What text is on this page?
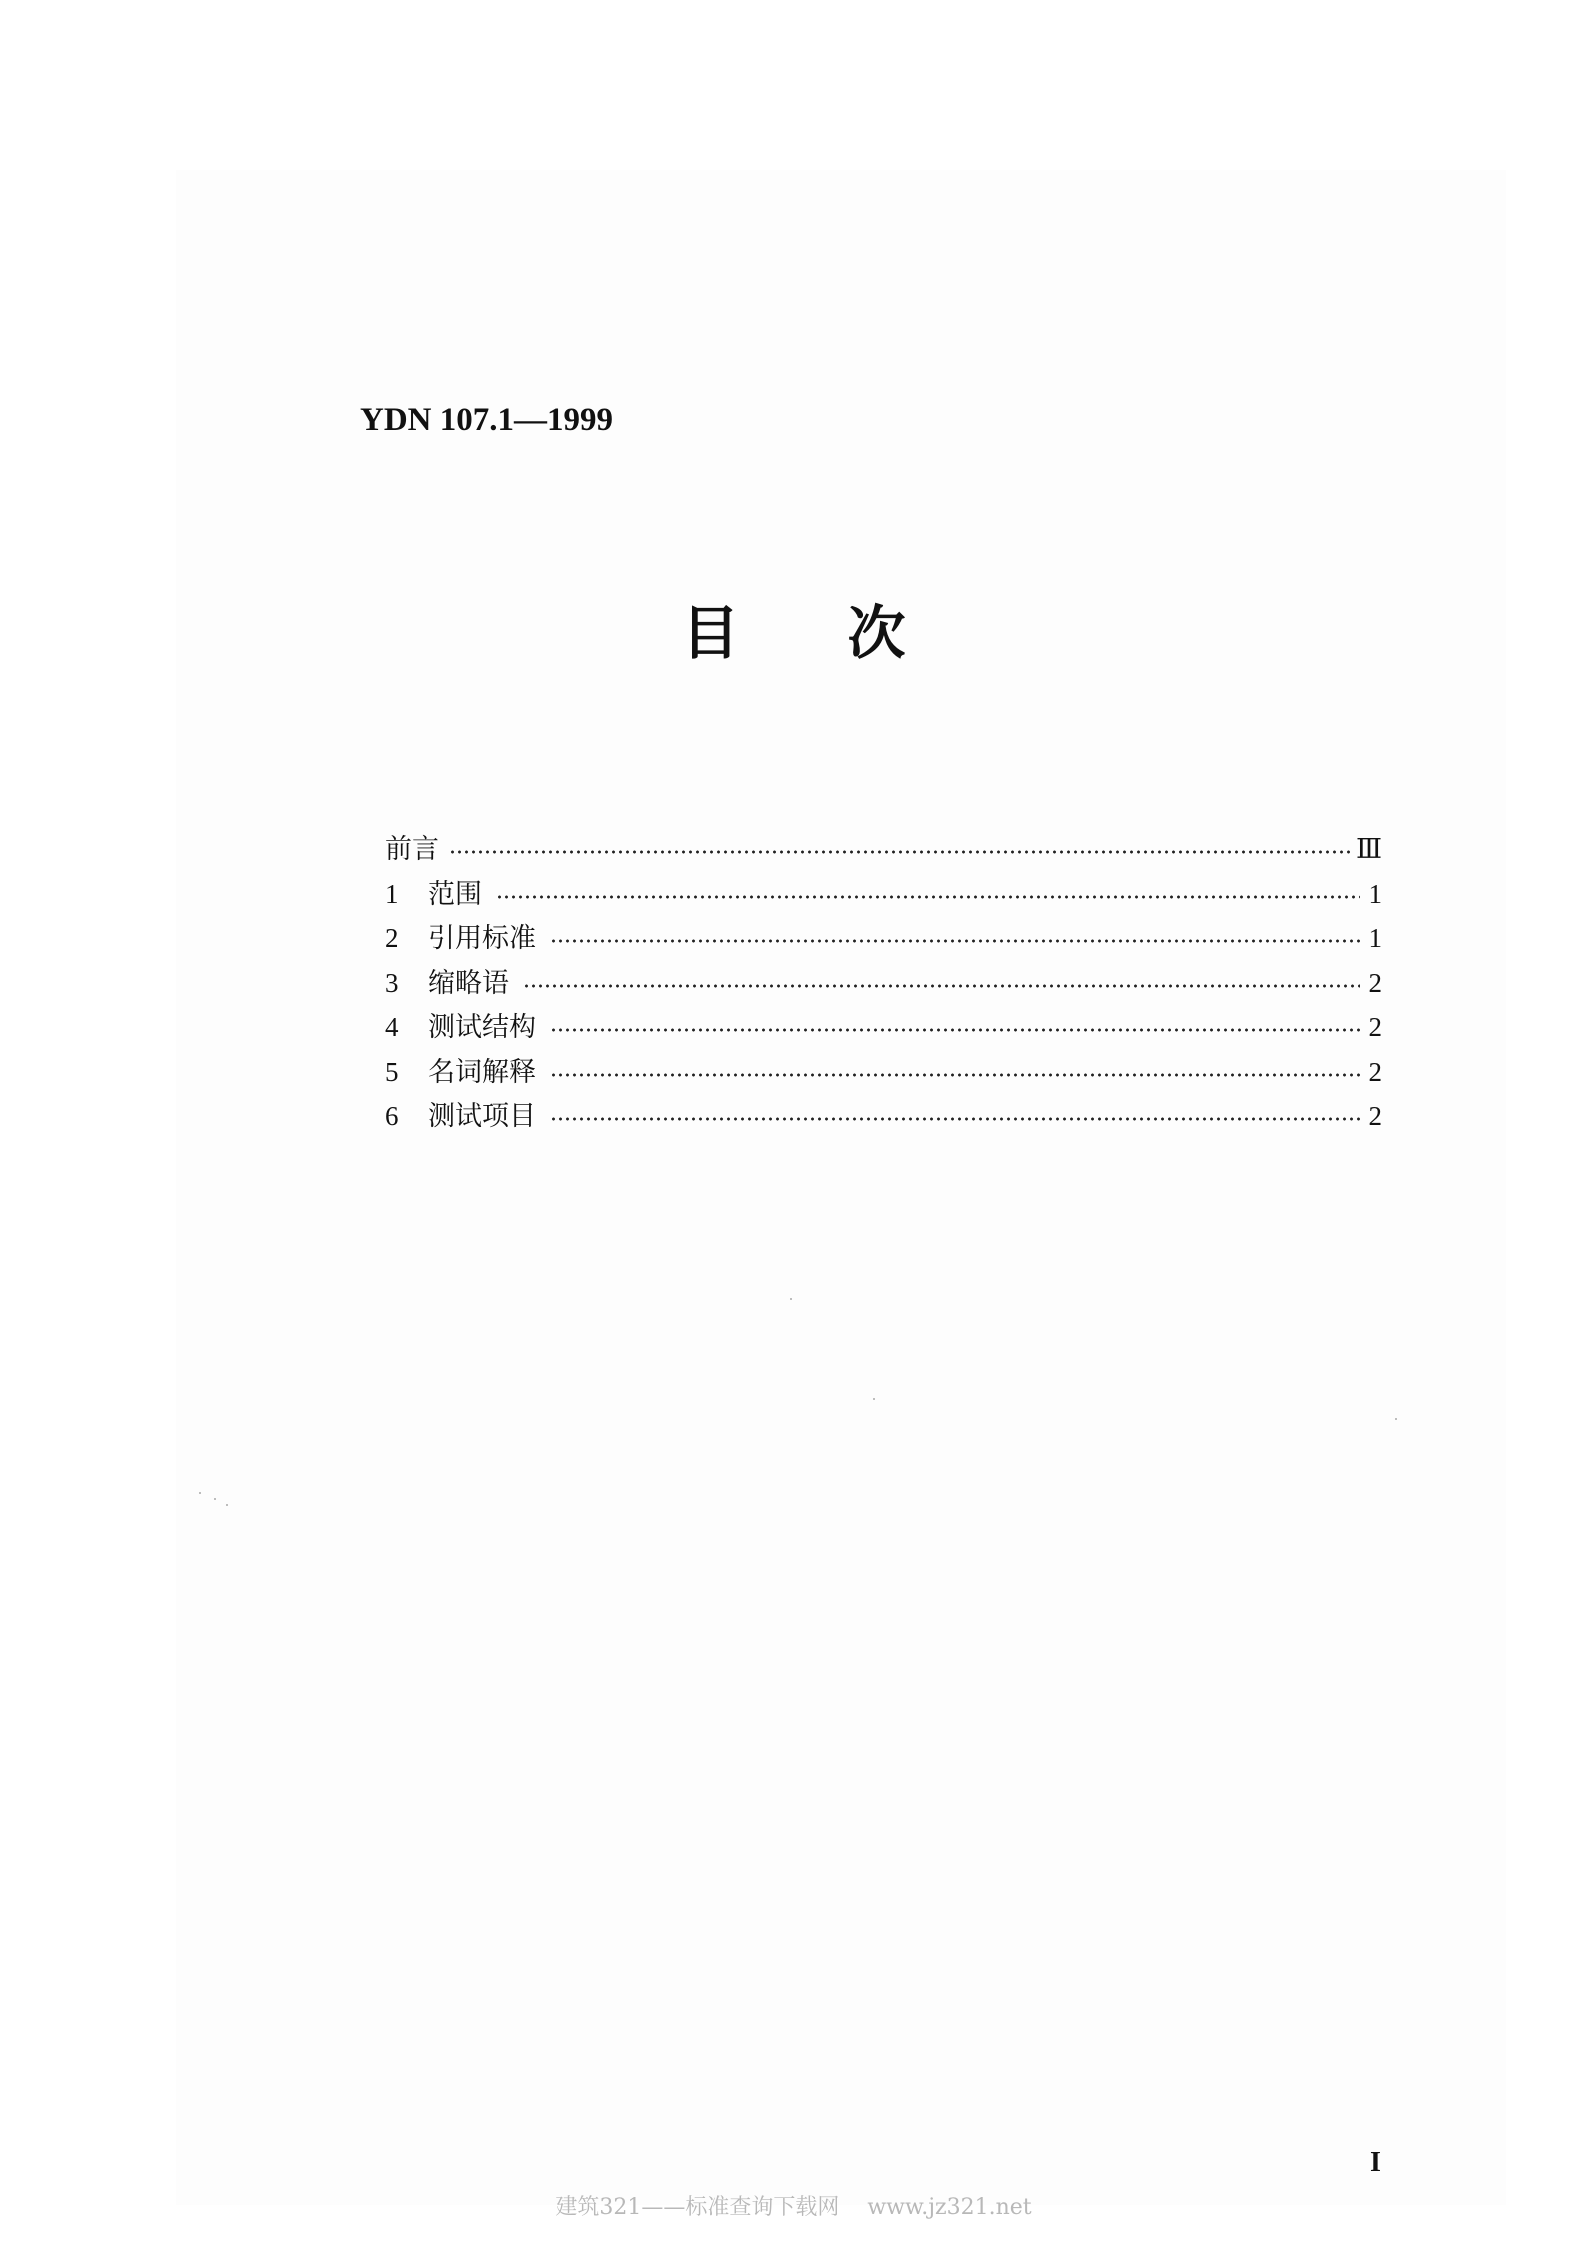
YDN 107.1—1999

目 次
前言	Ⅲ
1	范围	1
2	引用标准	1
3	缩略语	2
4	测试结构	2
5	名词解释	2
6	测试项目	2

I

建筑321——标准查询下载网    www.jz321.net
